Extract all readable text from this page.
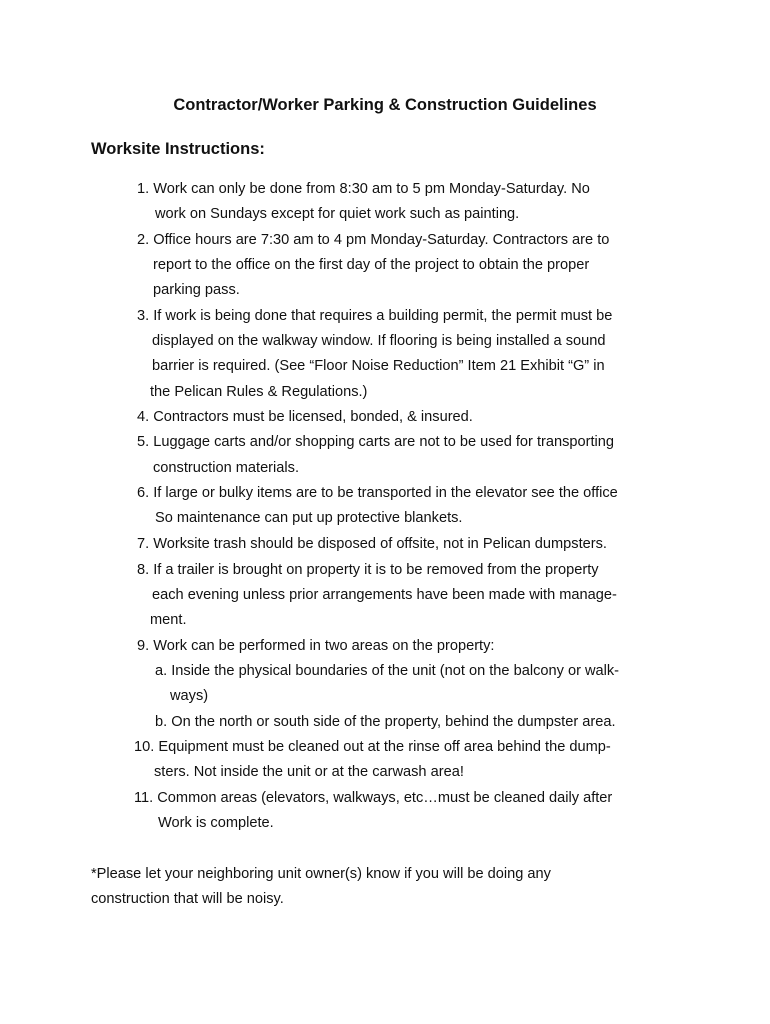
Contractor/Worker Parking & Construction Guidelines
Worksite Instructions:
1. Work can only be done from 8:30 am to 5 pm Monday-Saturday. No
work on Sundays except for quiet work such as painting.
2. Office hours are 7:30 am to 4 pm Monday-Saturday. Contractors are to
report to the office on the first day of the project to obtain the proper
parking pass.
3. If work is being done that requires a building permit, the permit must be
displayed on the walkway window. If flooring is being installed a sound
barrier is required. (See “Floor Noise Reduction” Item 21 Exhibit “G” in
the Pelican Rules & Regulations.)
4. Contractors must be licensed, bonded, & insured.
5. Luggage carts and/or shopping carts are not to be used for transporting
construction materials.
6. If large or bulky items are to be transported in the elevator see the office
So maintenance can put up protective blankets.
7. Worksite trash should be disposed of offsite, not in Pelican dumpsters.
8. If a trailer is brought on property it is to be removed from the property
each evening unless prior arrangements have been made with manage-
ment.
9. Work can be performed in two areas on the property:
a. Inside the physical boundaries of the unit (not on the balcony or walk-
ways)
b. On the north or south side of the property, behind the dumpster area.
10. Equipment must be cleaned out at the rinse off area behind the dump-
sters. Not inside the unit or at the carwash area!
11. Common areas (elevators, walkways, etc…must be cleaned daily after
Work is complete.
*Please let your neighboring unit owner(s) know if you will be doing any
construction that will be noisy.
